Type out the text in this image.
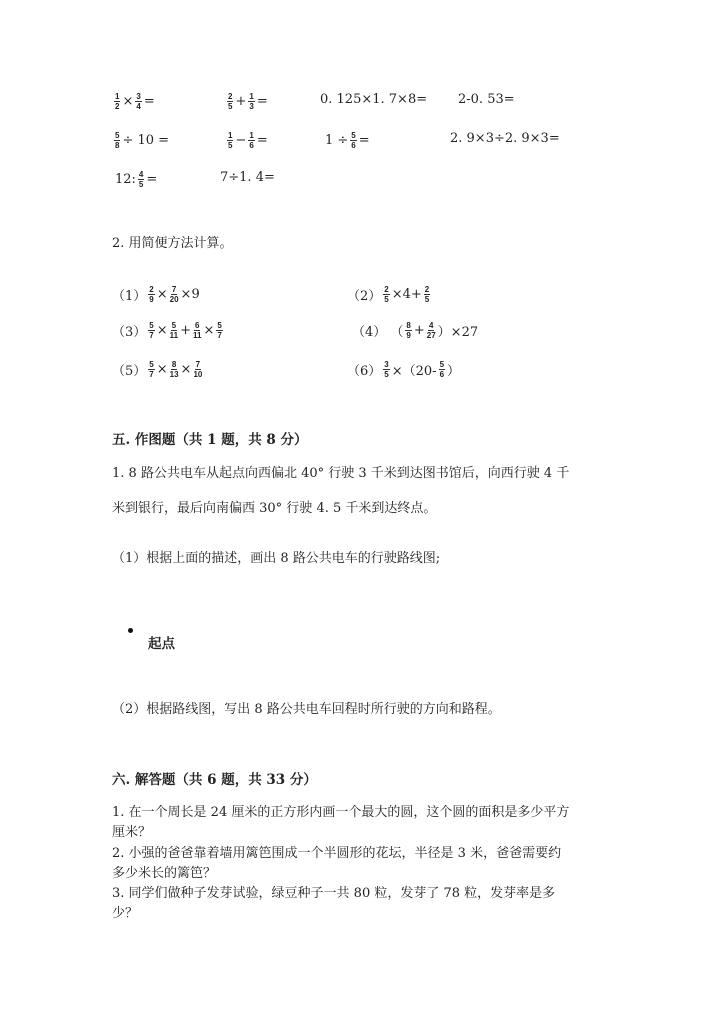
$\frac{1}{2} \times \frac{3}{4}$ =	$\frac{2}{5} + \frac{1}{3}$ =	0. 125×1. 7×8= 2-0. 53=
$\frac{5}{8} \div 10$ =	$\frac{1}{5} - \frac{1}{6}$ =	$1 \div \frac{5}{6}$ =	2. 9×3÷2. 9×3=
12: $\frac{4}{5}$ =	7÷1. 4=
2. 用简便方法计算。
$(1) \frac{2}{9} \times \frac{7}{20} \times 9$	$(2) \frac{2}{5} \times 4+ \frac{2}{5}$
$(3) \frac{5}{7} \times \frac{5}{11} + \frac{6}{11} \times \frac{5}{7}$	（4） （ $\frac{8}{9} + \frac{4}{27} )\times 27$
$(5) \frac{5}{7} \times \frac{8}{13} \times \frac{7}{10}$	$(6) \frac{3}{5} \times(20- \frac{5}{6}$ ）
五. 作图题（共 1 题，共 8 分）
1. 8 路公共电车从起点向西偏北 40° 行驶 3 千米到达图书馆后，向西行驶 4 千
米到银行，最后向南偏西 30° 行驶 4. 5 千米到达终点。
（1）根据上面的描述，画出 8 路公共电车的行驶路线图;
起点
（2）根据路线图，写出 8 路公共电车回程时所行驶的方向和路程。
六. 解答题（共 6 题，共 33 分）
1. 在一个周长是 24 厘米的正方形内画一个最大的圆，这个圆的面积是多少平方
厘米？
2. 小强的爸爸靠着墙用篱笆围成一个半圆形的花坛，半径是 3 米，爸爸需要约
多少米长的篱笆？
3. 同学们做种子发芽试验，绿豆种子一共 80 粒，发芽了 78 粒，发芽率是多
少？
